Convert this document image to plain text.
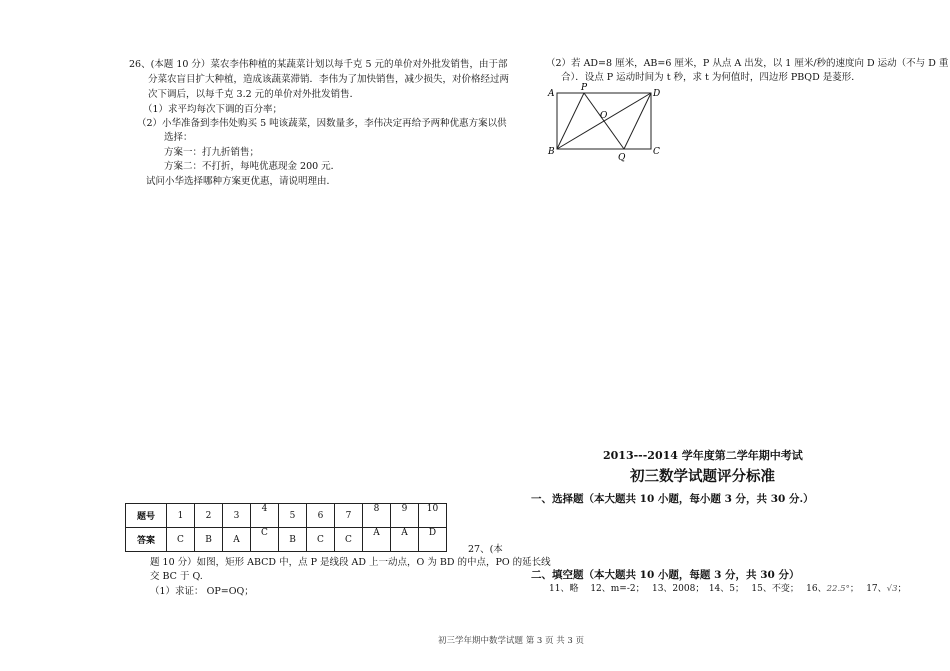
26、(本题 10 分）菜农李伟种植的某蔬菜计划以每千克 5 元的单价对外批发销售，由于部
分菜农盲目扩大种植，造成该蔬菜滞销．李伟为了加快销售，减少损失，对价格经过两
次下调后，以每千克 3.2 元的单价对外批发销售．
（1）求平均每次下调的百分率；
（2）小华准备到李伟处购买 5 吨该蔬菜，因数量多，李伟决定再给予两种优惠方案以供
选择：
方案一：打九折销售；
方案二：不打折，每吨优惠现金 200 元．
试问小华选择哪种方案更优惠，请说明理由．
（2）若 AD=8 厘米，AB=6 厘米，P 从点 A 出发，以 1 厘米/秒的速度向 D 运动（不与 D 重
合）．设点 P 运动时间为 t 秒，求 t 为何值时，四边形 PBQD 是菱形．
A
P
D
O
B
Q
C
2013---2014 学年度第二学年期中考试
初三数学试题评分标准
一、选择题（本大题共 10 小题，每小题 3 分，共 30 分.）
二、填空题（本大题共 10 小题，每题 3 分，共 30 分）
11、略　 12、m=-2；　 13、2008；　14、5；　 15、不变；　 16、22.5°；　 17、√3；
题号	1	2	3	4	5	6	7	8	9	10
答案	C	B	A	C	B	C	C	A	A	D
27、(本
题 10 分）如图，矩形 ABCD 中，点 P 是线段 AD 上一动点，O 为 BD 的中点，PO 的延长线
交 BC 于 Q.
（1）求证： OP=OQ；
初三学年期中数学试题 第 3 页 共 3 页
